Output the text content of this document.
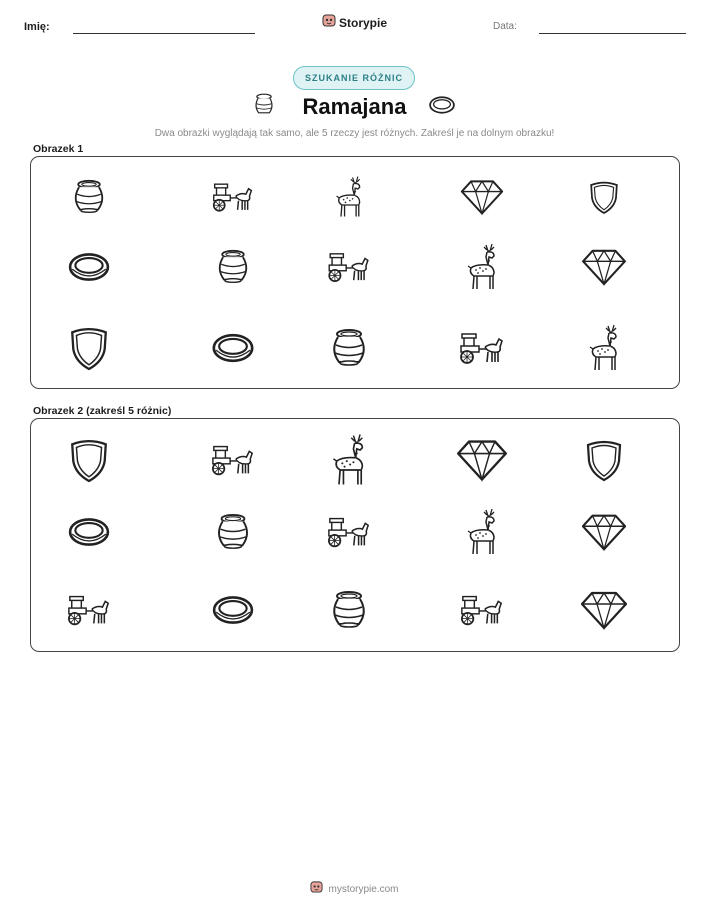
Imię:	Storypie	Data:
SZUKANIE RÓŻNIC
Ramajana
Dwa obrazki wyglądają tak samo, ale 5 rzeczy jest różnych. Zakreśl je na dolnym obrazku!
Obrazek 1
Obrazek 2 (zakreśl 5 różnic)
mystorypie.com
